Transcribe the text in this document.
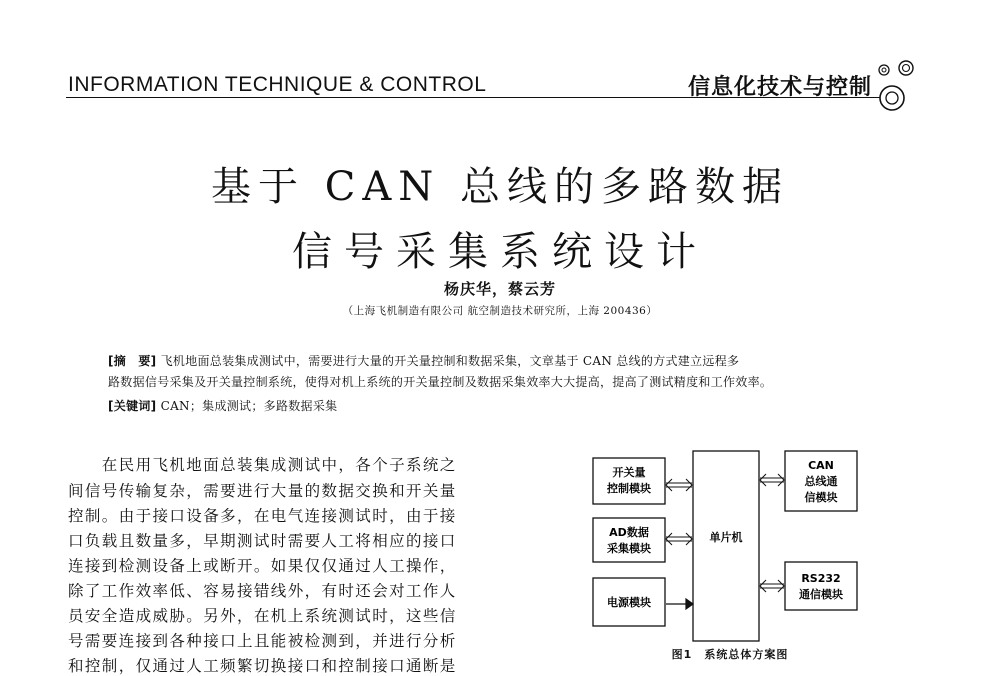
INFORMATION TECHNIQUE & CONTROL	信息化技术与控制
基于 CAN 总线的多路数据
信号采集系统设计
杨庆华，蔡云芳
（上海飞机制造有限公司 航空制造技术研究所，上海 200436）
[摘　要] 飞机地面总装集成测试中，需要进行大量的开关量控制和数据采集，文章基于 CAN 总线的方式建立远程多
路数据信号采集及开关量控制系统，使得对机上系统的开关量控制及数据采集效率大大提高，提高了测试精度和工作效率。
[关键词] CAN；集成测试；多路数据采集
　　在民用飞机地面总装集成测试中，各个子系统之
间信号传输复杂，需要进行大量的数据交换和开关量
控制。由于接口设备多，在电气连接测试时，由于接
口负载且数量多，早期测试时需要人工将相应的接口
连接到检测设备上或断开。如果仅仅通过人工操作，
除了工作效率低、容易接错线外，有时还会对工作人
员安全造成威胁。另外，在机上系统测试时，这些信
号需要连接到各种接口上且能被检测到，并进行分析
和控制，仅通过人工频繁切换接口和控制接口通断是
开关量
控制模块
AD数据
采集模块
电源模块
单片机
CAN
总线通
信模块
RS232
通信模块
图1　系统总体方案图
